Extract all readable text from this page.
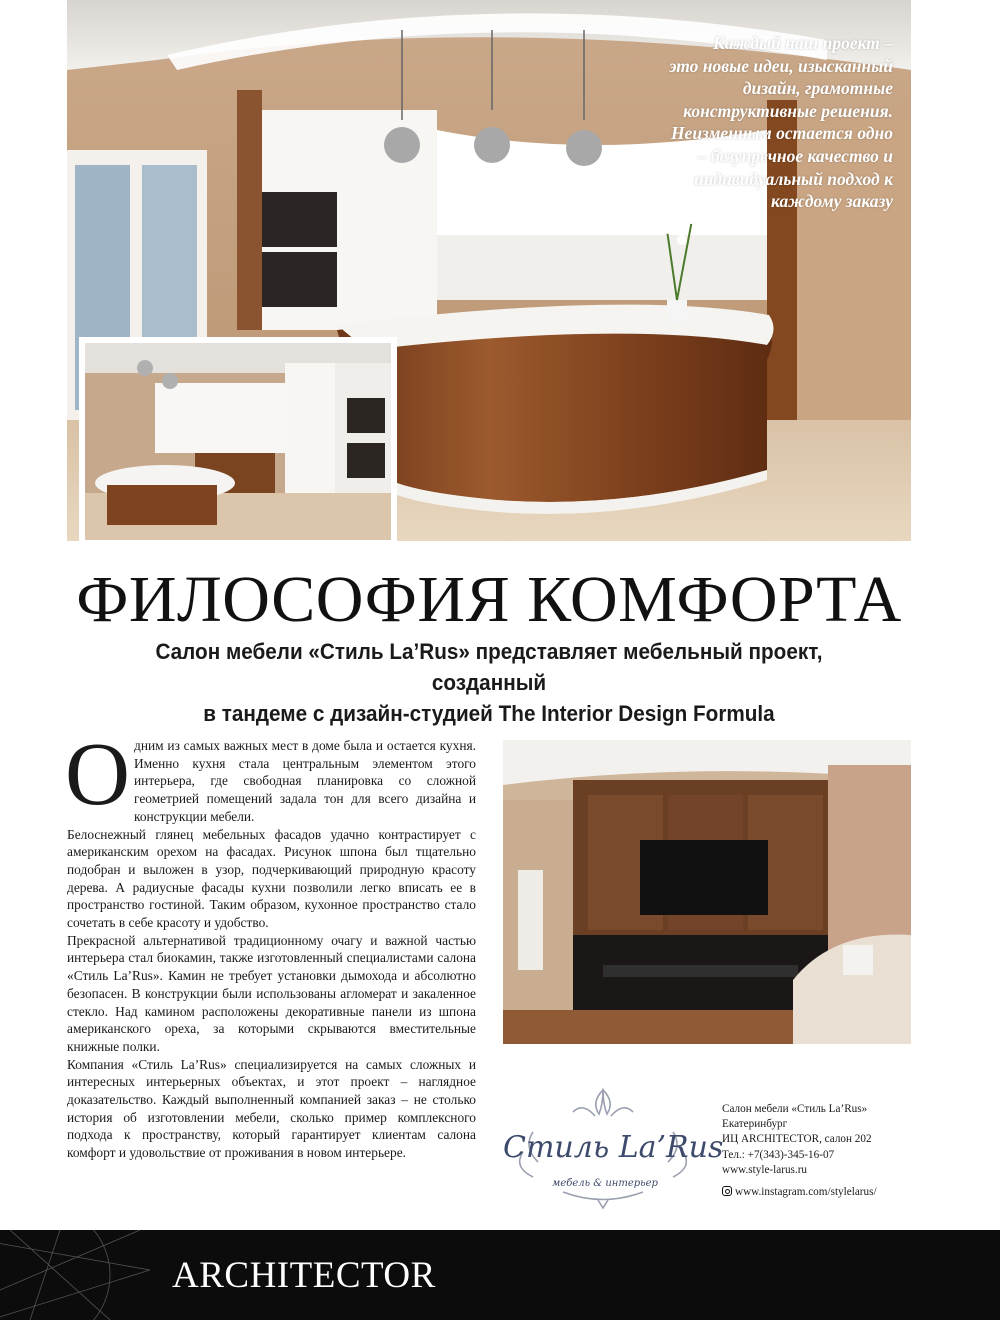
Каждый наш проект –
это новые идеи, изысканный
дизайн, грамотные
конструктивные решения.
Неизменным остается одно
– безупречное качество и
индивидуальный подход к
каждому заказу
ФИЛОСОФИЯ КОМФОРТА
Салон мебели «Стиль La’Rus» представляет мебельный проект, созданный
в тандеме с дизайн-студией The Interior Design Formula

Одним из самых важных мест в доме была и остается кухня. Именно кухня стала центральным элементом этого интерьера, где свободная планировка со сложной геометрией помещений задала тон для всего дизайна и конструкции мебели.

Белоснежный глянец мебельных фасадов удачно контрастирует с американским орехом на фасадах. Рисунок шпона был тщательно подобран и выложен в узор, подчеркивающий природную красоту дерева. А радиусные фасады кухни позволили легко вписать ее в пространство гостиной. Таким образом, кухонное пространство стало сочетать в себе красоту и удобство.

Прекрасной альтернативой традиционному очагу и важной частью интерьера стал биокамин, также изготовленный специалистами салона «Стиль La’Rus». Камин не требует установки дымохода и абсолютно безопасен. В конструкции были использованы агломерат и закаленное стекло. Над камином расположены декоративные панели из шпона американского ореха, за которыми скрываются вместительные книжные полки.

Компания «Стиль La’Rus» специализируется на самых сложных и интересных интерьерных объектах, и этот проект – наглядное доказательство. Каждый выполненный компанией заказ – не столько история об изготовлении мебели, сколько пример комплексного подхода к пространству, который гарантирует клиентам салона комфорт и удовольствие от проживания в новом интерьере.	Стиль La’Rus
мебель & интерьер
Салон мебели «Стиль La’Rus»
Екатеринбург
ИЦ ARCHITECTOR, салон 202
Тел.: +7(343)-345-16-07
www.style-larus.ru
www.instagram.com/stylelarus/
ARCHITECTOR
